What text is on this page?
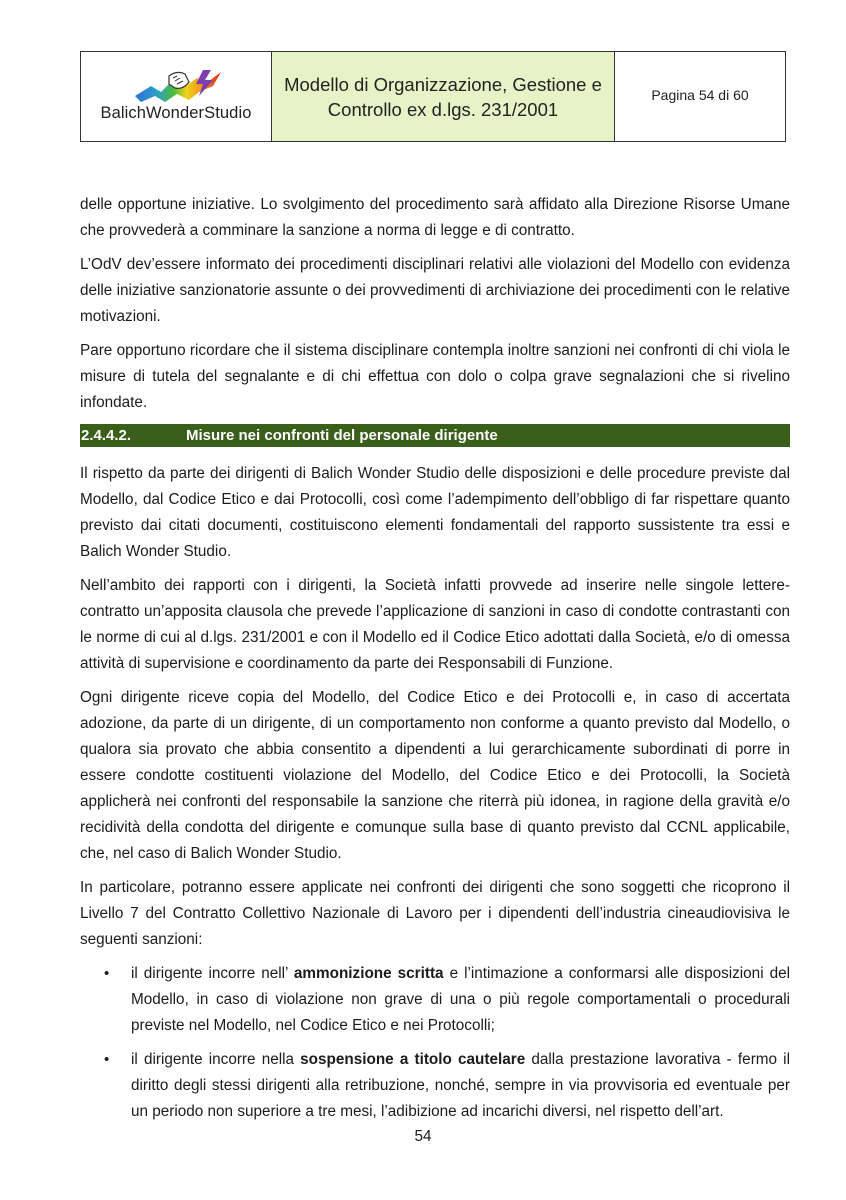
BalichWonderStudio
Modello di Organizzazione, Gestione e
Controllo ex d.lgs. 231/2001
Pagina 54 di 60

delle opportune iniziative. Lo svolgimento del procedimento sarà affidato alla Direzione Risorse Umane che provvederà a comminare la sanzione a norma di legge e di contratto.

L’OdV dev’essere informato dei procedimenti disciplinari relativi alle violazioni del Modello con evidenza delle iniziative sanzionatorie assunte o dei provvedimenti di archiviazione dei procedimenti con le relative motivazioni.

Pare opportuno ricordare che il sistema disciplinare contempla inoltre sanzioni nei confronti di chi viola le misure di tutela del segnalante e di chi effettua con dolo o colpa grave segnalazioni che si rivelino infondate.

2.4.4.2.	Misure nei confronti del personale dirigente

Il rispetto da parte dei dirigenti di Balich Wonder Studio delle disposizioni e delle procedure previste dal Modello, dal Codice Etico e dai Protocolli, così come l’adempimento dell’obbligo di far rispettare quanto previsto dai citati documenti, costituiscono elementi fondamentali del rapporto sussistente tra essi e Balich Wonder Studio.

Nell’ambito dei rapporti con i dirigenti, la Società infatti provvede ad inserire nelle singole lettere-contratto un’apposita clausola che prevede l’applicazione di sanzioni in caso di condotte contrastanti con le norme di cui al d.lgs. 231/2001 e con il Modello ed il Codice Etico adottati dalla Società, e/o di omessa attività di supervisione e coordinamento da parte dei Responsabili di Funzione.

Ogni dirigente riceve copia del Modello, del Codice Etico e dei Protocolli e, in caso di accertata adozione, da parte di un dirigente, di un comportamento non conforme a quanto previsto dal Modello, o qualora sia provato che abbia consentito a dipendenti a lui gerarchicamente subordinati di porre in essere condotte costituenti violazione del Modello, del Codice Etico e dei Protocolli, la Società applicherà nei confronti del responsabile la sanzione che riterrà più idonea, in ragione della gravità e/o recidività della condotta del dirigente e comunque sulla base di quanto previsto dal CCNL applicabile, che, nel caso di Balich Wonder Studio.

In particolare, potranno essere applicate nei confronti dei dirigenti che sono soggetti che ricoprono il Livello 7 del Contratto Collettivo Nazionale di Lavoro per i dipendenti dell’industria cineaudiovisiva le seguenti sanzioni:

• il dirigente incorre nell’ ammonizione scritta e l’intimazione a conformarsi alle disposizioni del Modello, in caso di violazione non grave di una o più regole comportamentali o procedurali previste nel Modello, nel Codice Etico e nei Protocolli;
• il dirigente incorre nella sospensione a titolo cautelare dalla prestazione lavorativa - fermo il diritto degli stessi dirigenti alla retribuzione, nonché, sempre in via provvisoria ed eventuale per un periodo non superiore a tre mesi, l’adibizione ad incarichi diversi, nel rispetto dell’art.
54
